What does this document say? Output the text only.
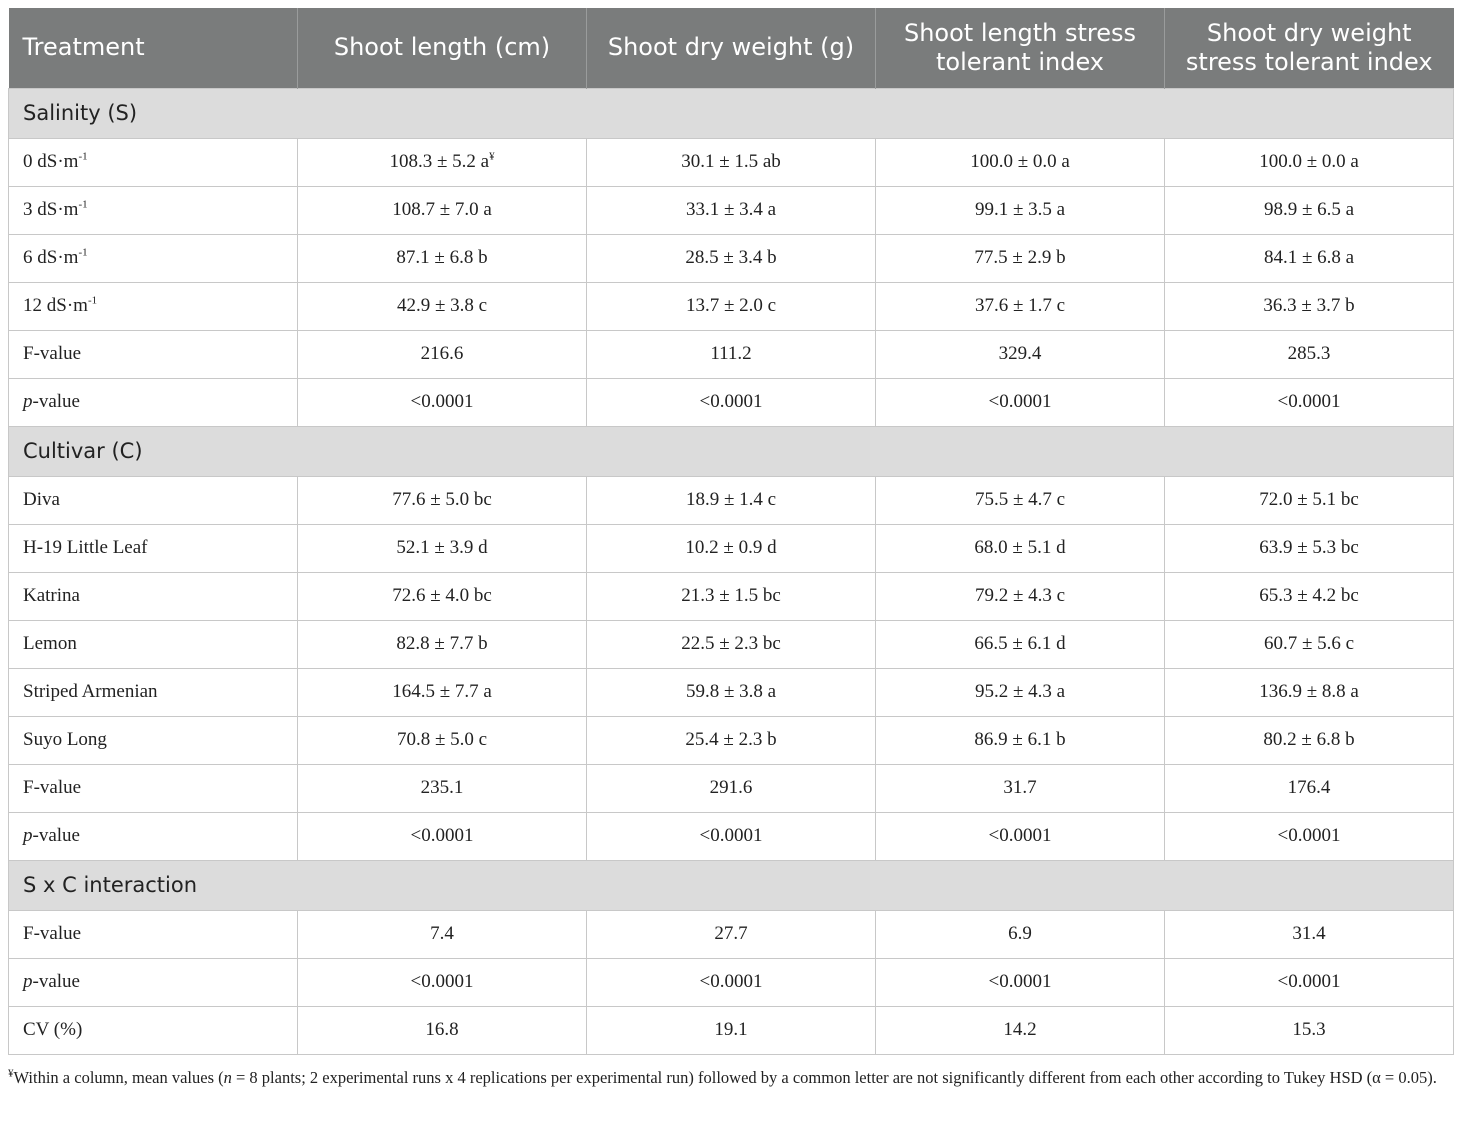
Treatment	Shoot length (cm)	Shoot dry weight (g)	Shoot length stress tolerant index	Shoot dry weight stress tolerant index
Salinity (S)				
0 $dS\cdot m^{-1}$	108.3 ± 5.2 a¥	30.1 ± 1.5 ab	100.0 ± 0.0 a	100.0 ± 0.0 a
3 $dS\cdot m^{-1}$	108.7 ± 7.0 a	33.1 ± 3.4 a	99.1 ± 3.5 a	98.9 ± 6.5 a
6 $dS\cdot m^{-1}$	87.1 ± 6.8 b	28.5 ± 3.4 b	77.5 ± 2.9 b	84.1 ± 6.8 a
12 $dS\cdot m^{-1}$	42.9 ± 3.8 c	13.7 ± 2.0 c	37.6 ± 1.7 c	36.3 ± 3.7 b
F-value	216.6	111.2	329.4	285.3
p-value	<0.0001	<0.0001	<0.0001	<0.0001
Cultivar (C)				
Diva	77.6 ± 5.0 bc	18.9 ± 1.4 c	75.5 ± 4.7 c	72.0 ± 5.1 bc
H-19 Little Leaf	52.1 ± 3.9 d	10.2 ± 0.9 d	68.0 ± 5.1 d	63.9 ± 5.3 bc
Katrina	72.6 ± 4.0 bc	21.3 ± 1.5 bc	79.2 ± 4.3 c	65.3 ± 4.2 bc
Lemon	82.8 ± 7.7 b	22.5 ± 2.3 bc	66.5 ± 6.1 d	60.7 ± 5.6 c
Striped Armenian	164.5 ± 7.7 a	59.8 ± 3.8 a	95.2 ± 4.3 a	136.9 ± 8.8 a
Suyo Long	70.8 ± 5.0 c	25.4 ± 2.3 b	86.9 ± 6.1 b	80.2 ± 6.8 b
F-value	235.1	291.6	31.7	176.4
p-value	<0.0001	<0.0001	<0.0001	<0.0001
S x C interaction				
F-value	7.4	27.7	6.9	31.4
p-value	<0.0001	<0.0001	<0.0001	<0.0001
CV (%)	16.8	19.1	14.2	15.3
¥Within a column, mean values (n = 8 plants; 2 experimental runs x 4 replications per experimental run) followed by a common letter are not significantly different from each other according to Tukey HSD (α = 0.05).
